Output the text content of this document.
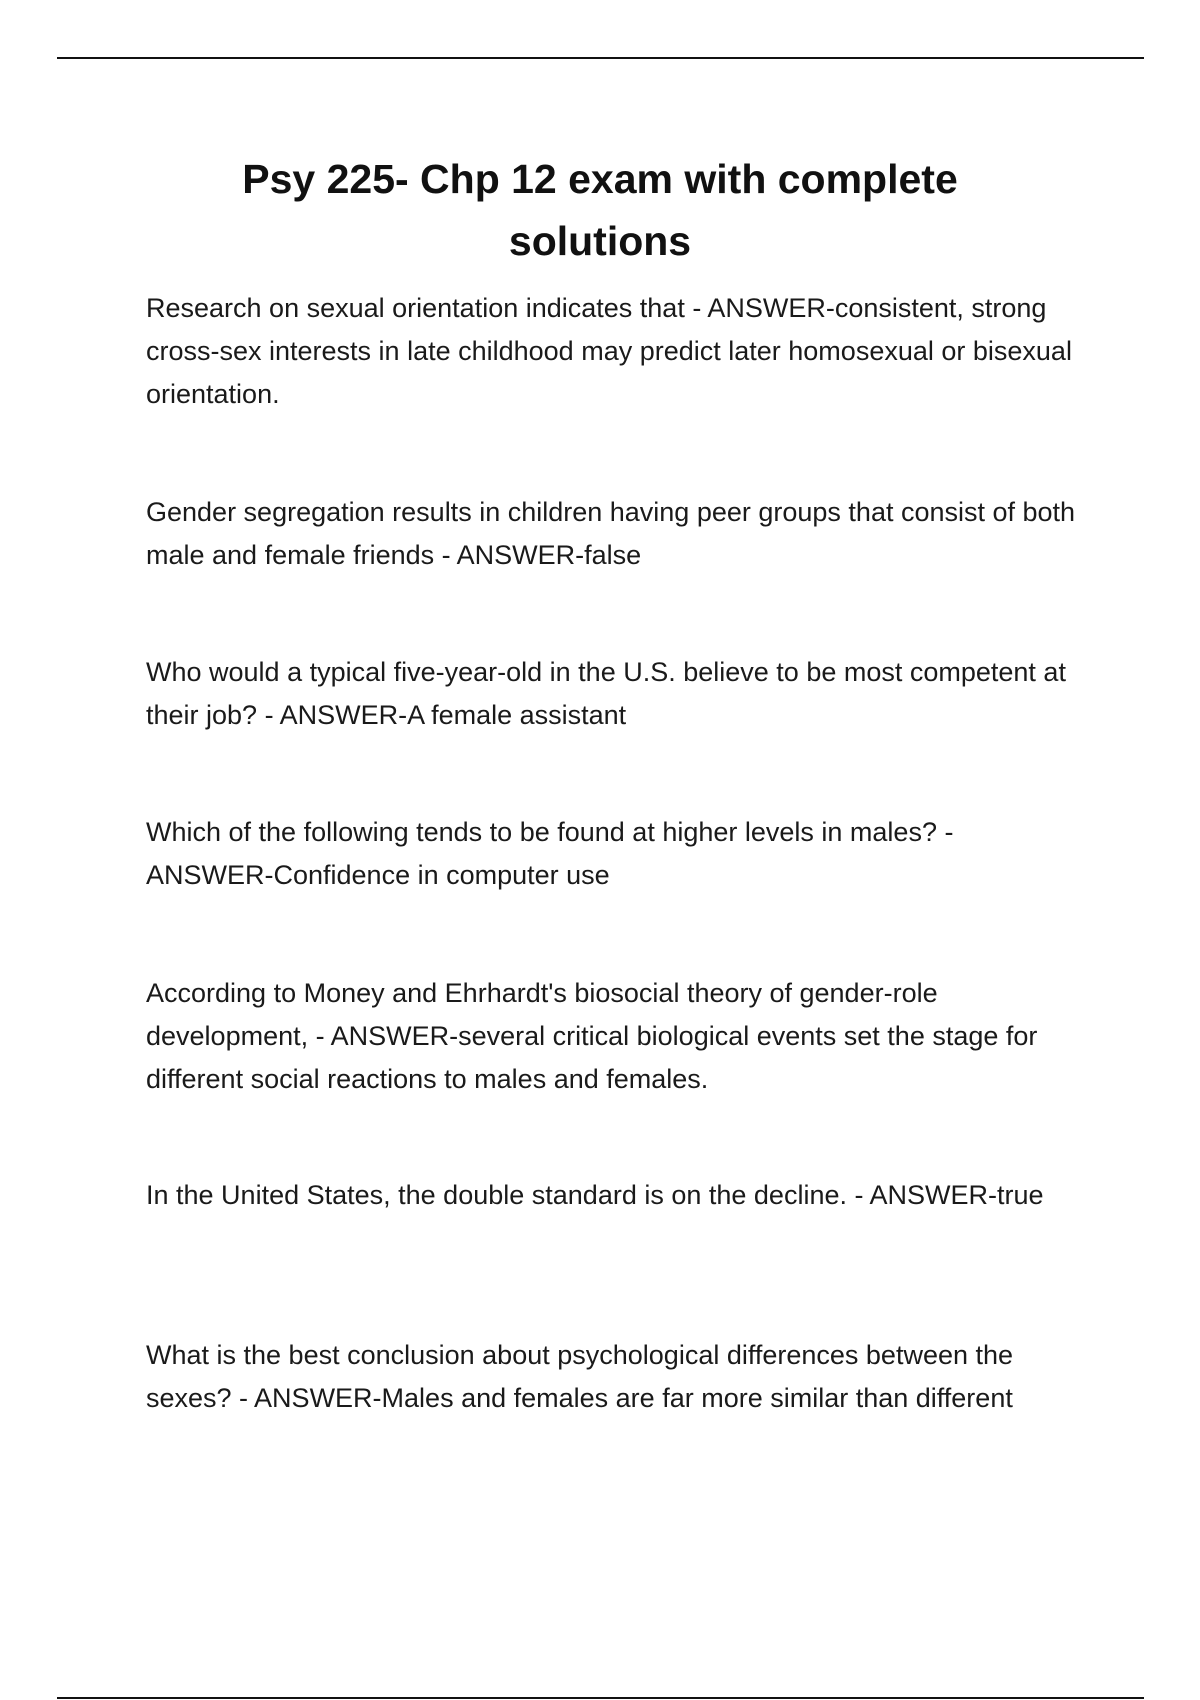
Psy 225- Chp 12 exam with complete solutions

Research on sexual orientation indicates that - ANSWER-consistent, strong cross-sex interests in late childhood may predict later homosexual or bisexual orientation.

Gender segregation results in children having peer groups that consist of both male and female friends - ANSWER-false

Who would a typical five-year-old in the U.S. believe to be most competent at their job? - ANSWER-A female assistant

Which of the following tends to be found at higher levels in males? - ANSWER-Confidence in computer use

According to Money and Ehrhardt's biosocial theory of gender-role development, - ANSWER-several critical biological events set the stage for different social reactions to males and females.

In the United States, the double standard is on the decline. - ANSWER-true

What is the best conclusion about psychological differences between the sexes? - ANSWER-Males and females are far more similar than different
